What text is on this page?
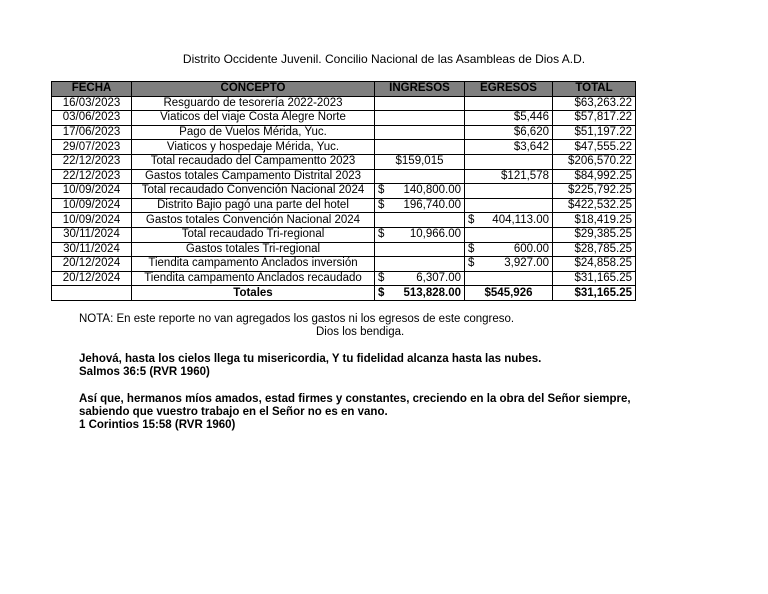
Distrito Occidente Juvenil. Concilio Nacional de las Asambleas de Dios A.D.
FECHA	CONCEPTO	INGRESOS	EGRESOS	TOTAL
16/03/2023	Resguardo de tesorería 2022-2023			$63,263.22
03/06/2023	Viaticos del viaje Costa Alegre Norte		$5,446	$57,817.22
17/06/2023	Pago de Vuelos Mérida, Yuc.		$6,620	$51,197.22
29/07/2023	Viaticos y hospedaje Mérida, Yuc.		$3,642	$47,555.22
22/12/2023	Total recaudado del Campamentto 2023	$159,015		$206,570.22
22/12/2023	Gastos totales Campamento Distrital 2023		$121,578	$84,992.25
10/09/2024	Total recaudado Convención Nacional 2024	$ 140,800.00		$225,792.25
10/09/2024	Distrito Bajio pagó una parte del hotel	$ 196,740.00		$422,532.25
10/09/2024	Gastos totales Convención Nacional 2024		$ 404,113.00	$18,419.25
30/11/2024	Total recaudado Tri-regional	$ 10,966.00		$29,385.25
30/11/2024	Gastos totales Tri-regional		$ 600.00	$28,785.25
20/12/2024	Tiendita campamento Anclados inversión		$ 3,927.00	$24,858.25
20/12/2024	Tiendita campamento Anclados recaudado	$ 6,307.00		$31,165.25
	Totales	$ 513,828.00	$545,926	$31,165.25
NOTA: En este reporte no van agregados los gastos ni los egresos de este congreso.
Dios los bendiga.
Jehová, hasta los cielos llega tu misericordia, Y tu fidelidad alcanza hasta las nubes.
Salmos 36:5 (RVR 1960)
Así que, hermanos míos amados, estad firmes y constantes, creciendo en la obra del Señor siempre,
sabiendo que vuestro trabajo en el Señor no es en vano.
1 Corintios 15:58 (RVR 1960)
